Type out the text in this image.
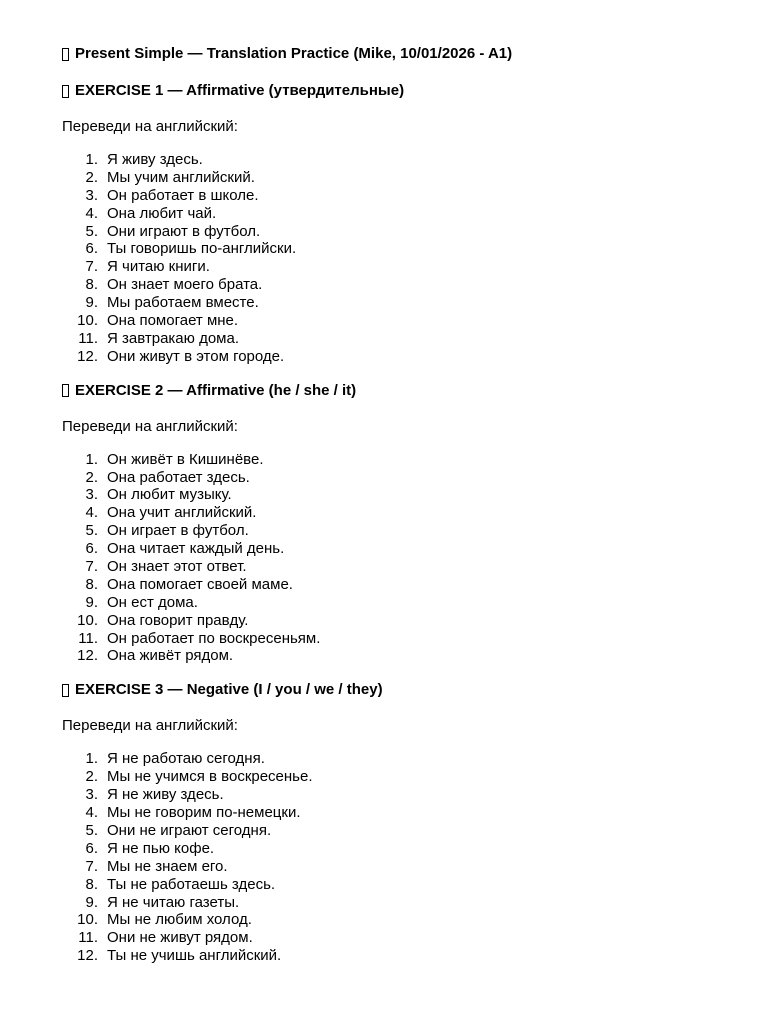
Present Simple — Translation Practice (Mike, 10/01/2026 - A1)
EXERCISE 1 — Affirmative (утвердительные)
Переведи на английский:
1. Я живу здесь.
2. Мы учим английский.
3. Он работает в школе.
4. Она любит чай.
5. Они играют в футбол.
6. Ты говоришь по-английски.
7. Я читаю книги.
8. Он знает моего брата.
9. Мы работаем вместе.
10. Она помогает мне.
11. Я завтракаю дома.
12. Они живут в этом городе.
EXERCISE 2 — Affirmative (he / she / it)
Переведи на английский:
1. Он живёт в Кишинёве.
2. Она работает здесь.
3. Он любит музыку.
4. Она учит английский.
5. Он играет в футбол.
6. Она читает каждый день.
7. Он знает этот ответ.
8. Она помогает своей маме.
9. Он ест дома.
10. Она говорит правду.
11. Он работает по воскресеньям.
12. Она живёт рядом.
EXERCISE 3 — Negative (I / you / we / they)
Переведи на английский:
1. Я не работаю сегодня.
2. Мы не учимся в воскресенье.
3. Я не живу здесь.
4. Мы не говорим по-немецки.
5. Они не играют сегодня.
6. Я не пью кофе.
7. Мы не знаем его.
8. Ты не работаешь здесь.
9. Я не читаю газеты.
10. Мы не любим холод.
11. Они не живут рядом.
12. Ты не учишь английский.
